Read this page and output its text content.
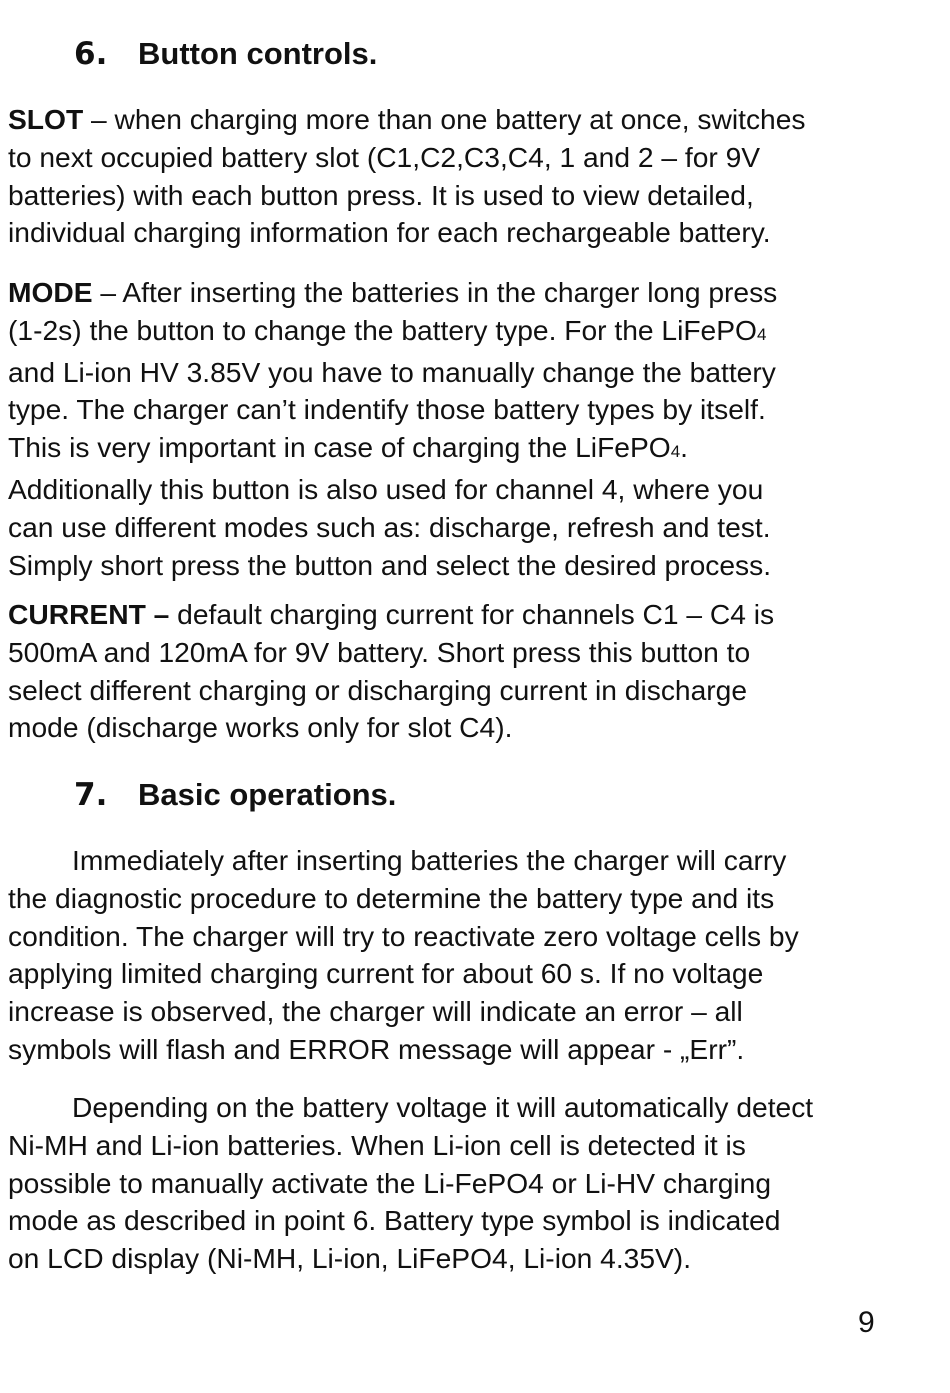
6. Button controls.
SLOT – when charging more than one battery at once, switches
to next occupied battery slot (C1,C2,C3,C4, 1 and 2 – for 9V
batteries) with each button press. It is used to view detailed,
individual charging information for each rechargeable battery.
MODE – After inserting the batteries in the charger long press
(1-2s) the button to change the battery type. For the LiFePO4
and Li-ion HV 3.85V you have to manually change the battery
type. The charger can’t indentify those battery types by itself.
This is very important in case of charging the LiFePO4.
Additionally this button is also used for channel 4, where you
can use different modes such as: discharge, refresh and test.
Simply short press the button and select the desired process.
CURRENT – default charging current for channels C1 – C4 is
500mA and 120mA for 9V battery. Short press this button to
select different charging or discharging current in discharge
mode (discharge works only for slot C4).
7. Basic operations.
Immediately after inserting batteries the charger will carry
the diagnostic procedure to determine the battery type and its
condition. The charger will try to reactivate zero voltage cells by
applying limited charging current for about 60 s. If no voltage
increase is observed, the charger will indicate an error – all
symbols will flash and ERROR message will appear - „Err”.
Depending on the battery voltage it will automatically detect
Ni-MH and Li-ion batteries. When Li-ion cell is detected it is
possible to manually activate the Li-FePO4 or Li-HV charging
mode as described in point 6. Battery type symbol is indicated
on LCD display (Ni-MH, Li-ion, LiFePO4, Li-ion 4.35V).
9
